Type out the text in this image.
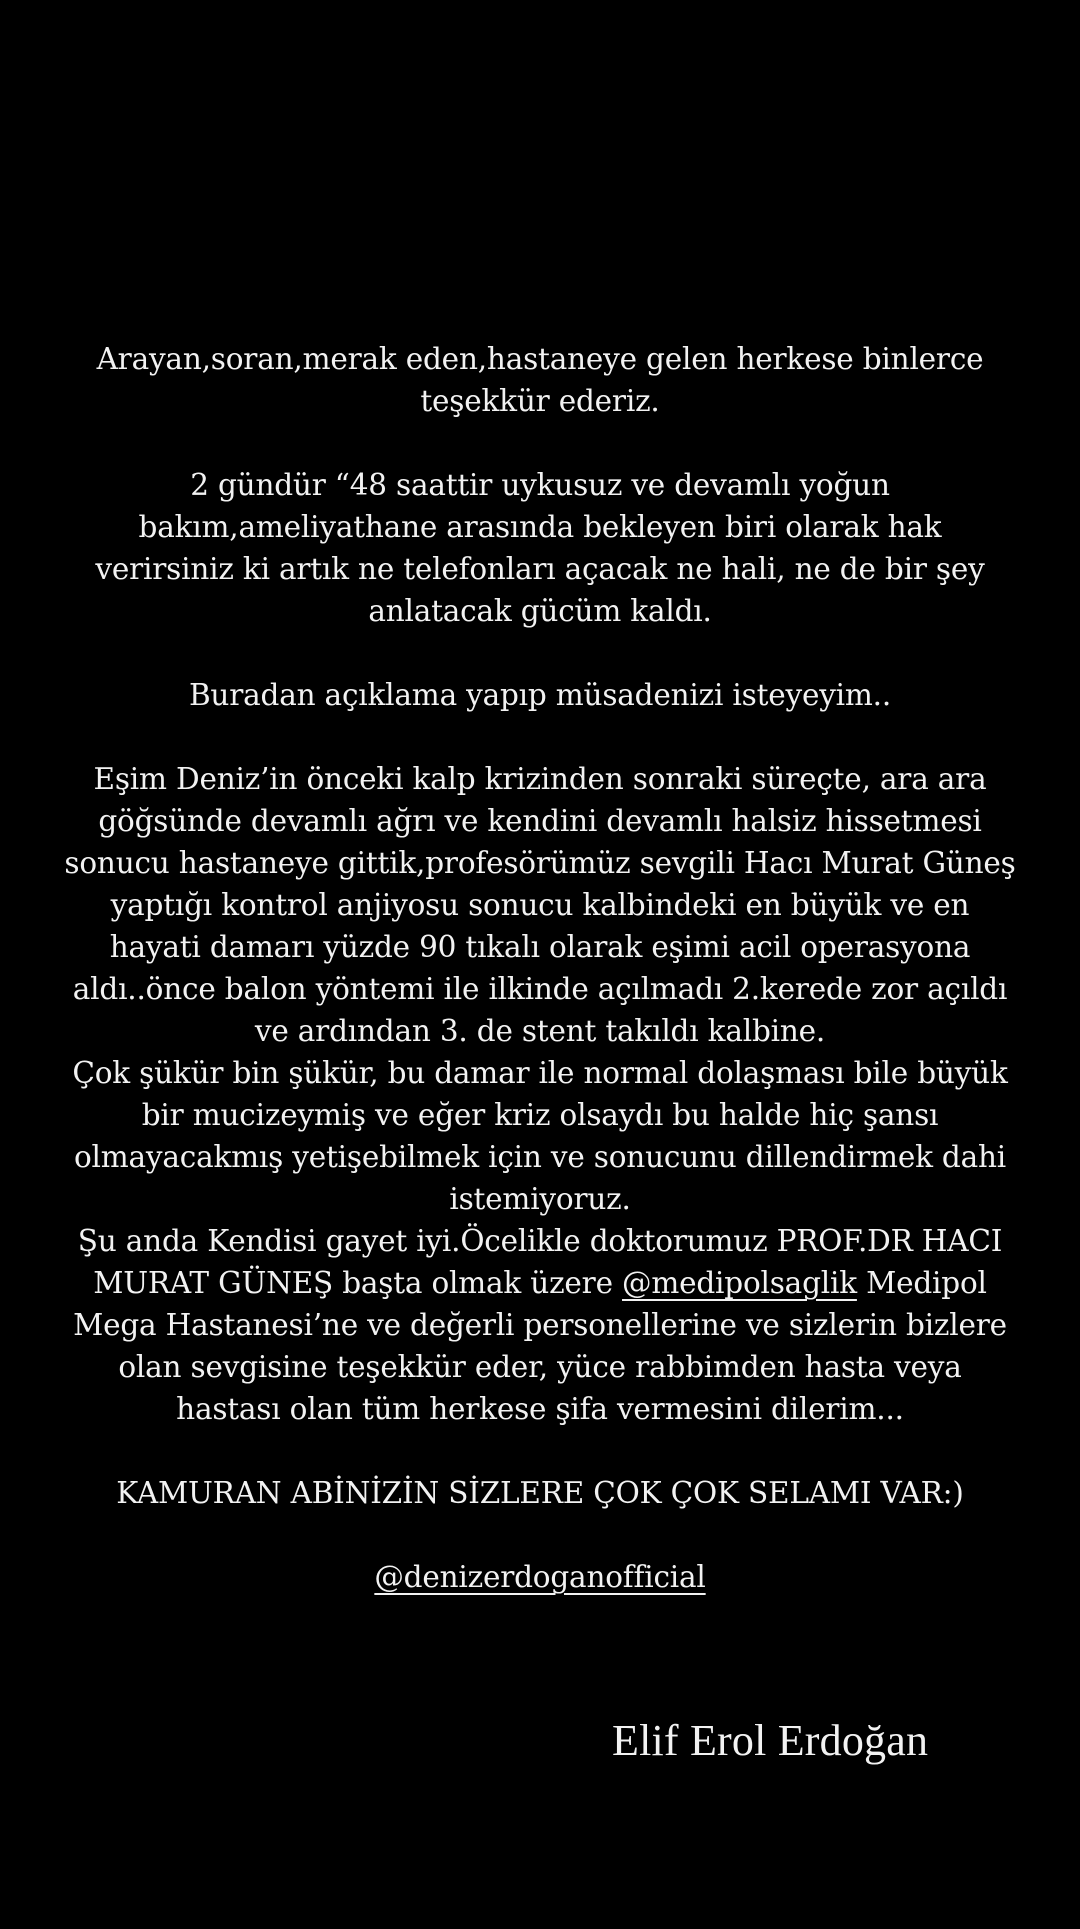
Arayan,soran,merak eden,hastaneye gelen herkese binlerce
teşekkür ederiz.
2 gündür “48 saattir uykusuz ve devamlı yoğun
bakım,ameliyathane arasında bekleyen biri olarak hak
verirsiniz ki artık ne telefonları açacak ne hali, ne de bir şey
anlatacak gücüm kaldı.
Buradan açıklama yapıp müsadenizi isteyeyim..
Eşim Deniz’in önceki kalp krizinden sonraki süreçte, ara ara
göğsünde devamlı ağrı ve kendini devamlı halsiz hissetmesi
sonucu hastaneye gittik,profesörümüz sevgili Hacı Murat Güneş
yaptığı kontrol anjiyosu sonucu kalbindeki en büyük ve en
hayati damarı yüzde 90 tıkalı olarak eşimi acil operasyona
aldı..önce balon yöntemi ile ilkinde açılmadı 2.kerede zor açıldı
ve ardından 3. de stent takıldı kalbine.
Çok şükür bin şükür, bu damar ile normal dolaşması bile büyük
bir mucizeymiş ve eğer kriz olsaydı bu halde hiç şansı
olmayacakmış yetişebilmek için ve sonucunu dillendirmek dahi
istemiyoruz.
Şu anda Kendisi gayet iyi.Öcelikle doktorumuz PROF.DR HACI
MURAT GÜNEŞ başta olmak üzere @medipolsaglik Medipol
Mega Hastanesi’ne ve değerli personellerine ve sizlerin bizlere
olan sevgisine teşekkür eder, yüce rabbimden hasta veya
hastası olan tüm herkese şifa vermesini dilerim...
KAMURAN ABİNİZİN SİZLERE ÇOK ÇOK SELAMI VAR:)
@denizerdoganofficial
Elif Erol Erdoğan
